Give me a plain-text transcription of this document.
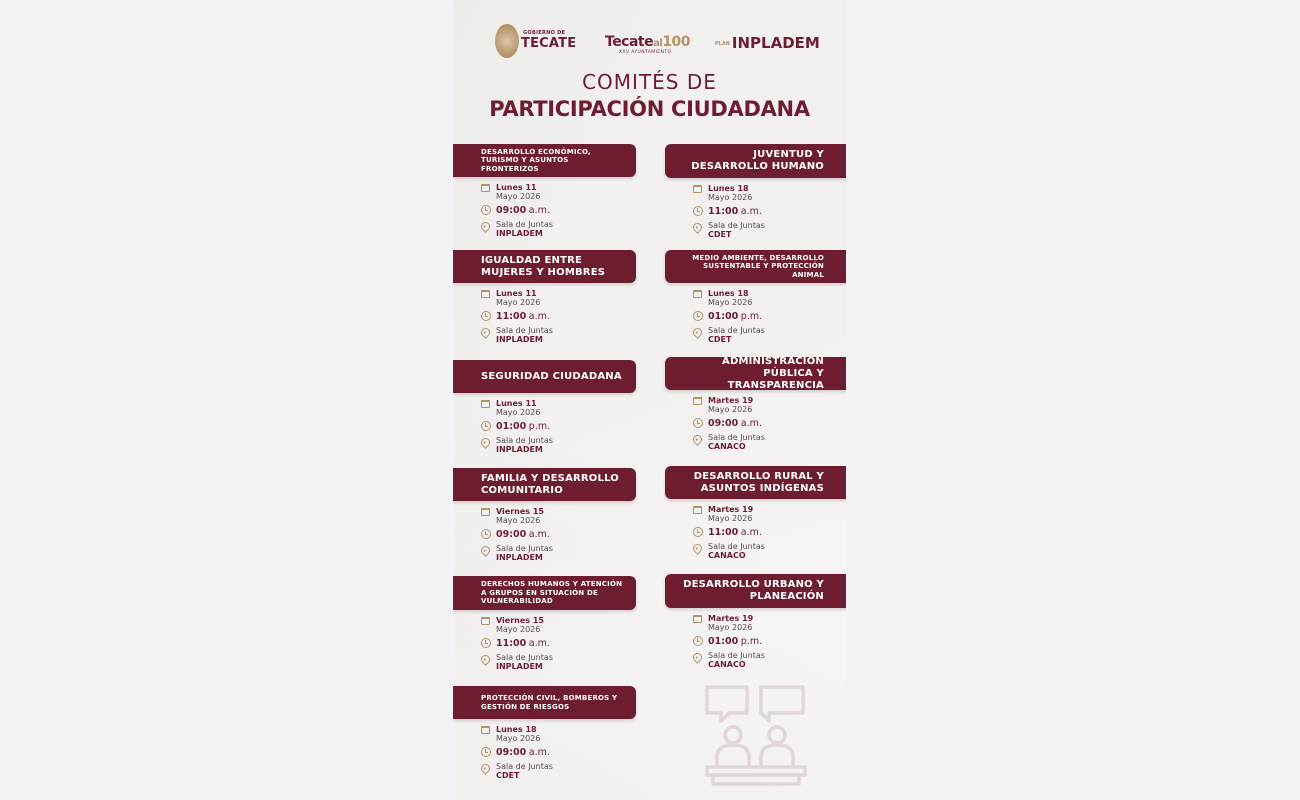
GOBIERNO DE
TECATE Tecateal100
XXV AYUNTAMIENTO
PLAN INPLADEM
COMITÉS DE
PARTICIPACIÓN CIUDADANA
DESARROLLO ECONÓMICO, TURISMO Y ASUNTOS FRONTERIZOS
Lunes 11
Mayo 2026
09:00 a.m.
Sala de Juntas
INPLADEM
IGUALDAD ENTRE MUJERES Y HOMBRES
Lunes 11
Mayo 2026
11:00 a.m.
Sala de Juntas
INPLADEM
SEGURIDAD CIUDADANA
Lunes 11
Mayo 2026
01:00 p.m.
Sala de Juntas
INPLADEM
FAMILIA Y DESARROLLO COMUNITARIO
Viernes 15
Mayo 2026
09:00 a.m.
Sala de Juntas
INPLADEM
DERECHOS HUMANOS Y ATENCIÓN A GRUPOS EN SITUACIÓN DE VULNERABILIDAD
Viernes 15
Mayo 2026
11:00 a.m.
Sala de Juntas
INPLADEM
PROTECCIÓN CIVIL, BOMBEROS Y GESTIÓN DE RIESGOS
Lunes 18
Mayo 2026
09:00 a.m.
Sala de Juntas
CDET
JUVENTUD Y DESARROLLO HUMANO
Lunes 18
Mayo 2026
11:00 a.m.
Sala de Juntas
CDET
MEDIO AMBIENTE, DESARROLLO SUSTENTABLE Y PROTECCIÓN ANIMAL
Lunes 18
Mayo 2026
01:00 p.m.
Sala de Juntas
CDET
ADMINISTRACIÓN PÚBLICA Y TRANSPARENCIA
Martes 19
Mayo 2026
09:00 a.m.
Sala de Juntas
CANACO
DESARROLLO RURAL Y ASUNTOS INDÍGENAS
Martes 19
Mayo 2026
11:00 a.m.
Sala de Juntas
CANACO
DESARROLLO URBANO Y PLANEACIÓN
Martes 19
Mayo 2026
01:00 p.m.
Sala de Juntas
CANACO
